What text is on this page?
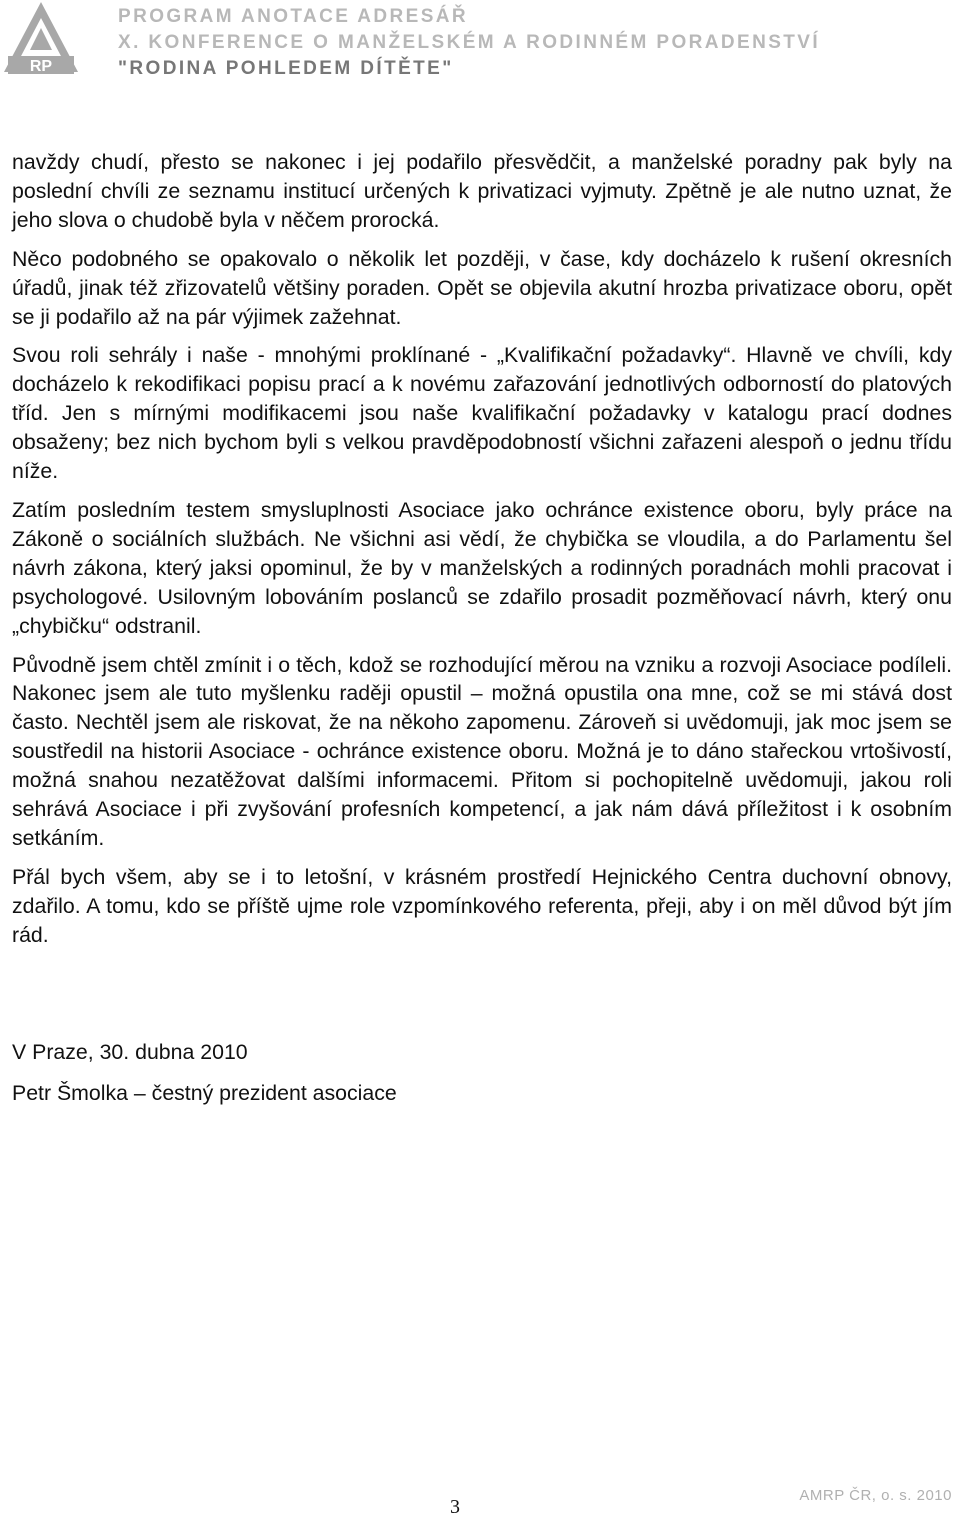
RP
PROGRAM ANOTACE ADRESÁŘ
X. KONFERENCE O MANŽELSKÉM A RODINNÉM PORADENSTVÍ
"RODINA POHLEDEM DÍTĚTE"

navždy chudí, přesto se nakonec i jej podařilo přesvědčit, a manželské poradny pak byly na poslední chvíli ze seznamu institucí určených k privatizaci vyjmuty. Zpětně je ale nutno uznat, že jeho slova o chudobě byla v něčem prorocká.

Něco podobného se opakovalo o několik let později, v čase, kdy docházelo k rušení okresních úřadů, jinak též zřizovatelů většiny poraden. Opět se objevila akutní hrozba privatizace oboru, opět se ji podařilo až na pár výjimek zažehnat.

Svou roli sehrály i naše - mnohými proklínané - „Kvalifikační požadavky“. Hlavně ve chvíli, kdy docházelo k rekodifikaci popisu prací a k novému zařazování jednotlivých odborností do platových tříd. Jen s mírnými modifikacemi jsou naše kvalifikační požadavky v katalogu prací dodnes obsaženy; bez nich bychom byli s velkou pravděpodobností všichni zařazeni alespoň o jednu třídu níže.

Zatím posledním testem smysluplnosti Asociace jako ochránce existence oboru, byly práce na Zákoně o sociálních službách. Ne všichni asi vědí, že chybička se vloudila, a do Parlamentu šel návrh zákona, který jaksi opominul, že by v manželských a rodinných poradnách mohli pracovat i psychologové. Usilovným lobováním poslanců se zdařilo prosadit pozměňovací návrh, který onu „chybičku“ odstranil.

Původně jsem chtěl zmínit i o těch, kdož se rozhodující měrou na vzniku a rozvoji Asociace podíleli. Nakonec jsem ale tuto myšlenku raději opustil – možná opustila ona mne, což se mi stává dost často. Nechtěl jsem ale riskovat, že na někoho zapomenu. Zároveň si uvědomuji, jak moc jsem se soustředil na historii Asociace - ochránce existence oboru. Možná je to dáno stařeckou vrtošivostí, možná snahou nezatěžovat dalšími informacemi. Přitom si pochopitelně uvědomuji, jakou roli sehrává Asociace i při zvyšování profesních kompetencí, a jak nám dává příležitost i k osobním setkáním.

Přál bych všem, aby se i to letošní, v krásném prostředí Hejnického Centra duchovní obnovy, zdařilo. A tomu, kdo se příště ujme role vzpomínkového referenta, přeji, aby i on měl důvod být jím rád.

V Praze, 30. dubna 2010

Petr Šmolka – čestný prezident asociace

3
AMRP ČR, o. s. 2010
